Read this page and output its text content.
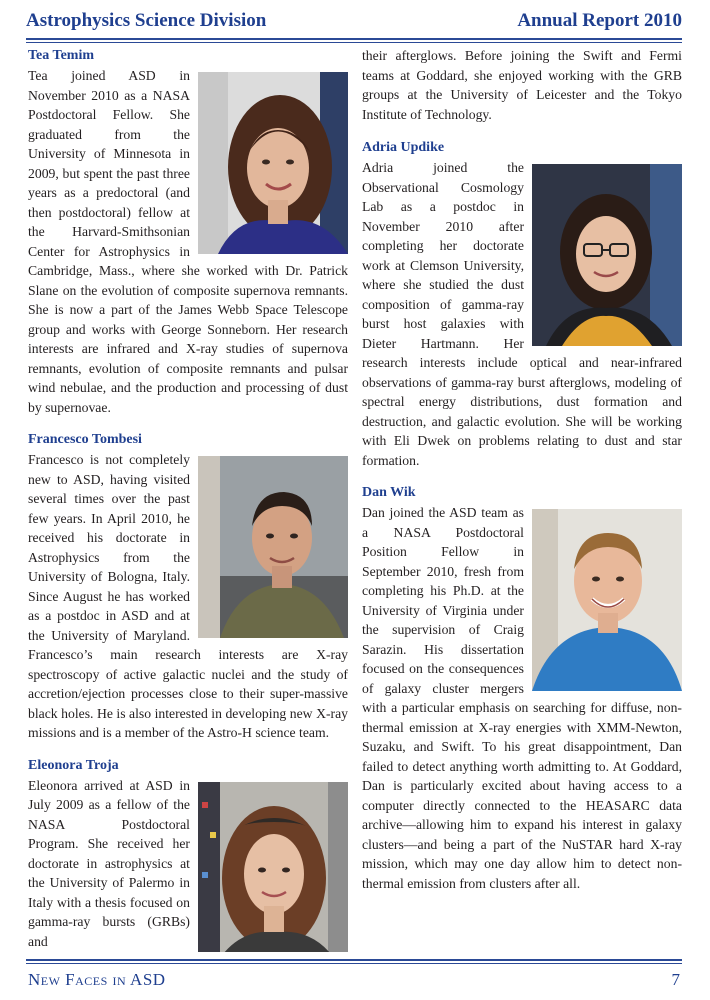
Astrophysics Science Division	Annual Report 2010

Tea Temim

Tea joined ASD in November 2010 as a NASA Postdoctoral Fellow. She graduated from the University of Minnesota in 2009, but spent the past three years as a predoctoral (and then postdoctoral) fellow at the Harvard-Smithsonian Center for Astrophysics in Cambridge, Mass., where she worked with Dr. Patrick Slane on the evolution of composite supernova remnants. She is now a part of the James Webb Space Telescope group and works with George Sonneborn. Her research interests are infrared and X-ray studies of supernova remnants, evolution of composite remnants and pulsar wind nebulae, and the production and processing of dust by supernovae.

Francesco Tombesi

Francesco is not completely new to ASD, having visited several times over the past few years. In April 2010, he received his doctorate in Astrophysics from the University of Bologna, Italy. Since August he has worked as a postdoc in ASD and at the University of Maryland. Francesco’s main research interests are X-ray spectroscopy of active galactic nuclei and the study of accretion/ejection processes close to their super-massive black holes. He is also interested in developing new X-ray missions and is a member of the Astro-H science team.

Eleonora Troja

Eleonora arrived at ASD in July 2009 as a fellow of the NASA Postdoctoral Program. She received her doctorate in astrophysics at the University of Palermo in Italy with a thesis focused on gamma-ray bursts (GRBs) and

their afterglows. Before joining the Swift and Fermi teams at Goddard, she enjoyed working with the GRB groups at the University of Leicester and the Tokyo Institute of Technology.

Adria Updike

Adria joined the Observational Cosmology Lab as a postdoc in November 2010 after completing her doctorate work at Clemson University, where she studied the dust composition of gamma-ray burst host galaxies with Dieter Hartmann. Her research interests include optical and near-infrared observations of gamma-ray burst afterglows, modeling of spectral energy distributions, dust formation and destruction, and galactic evolution. She will be working with Eli Dwek on problems relating to dust and star formation.

Dan Wik

Dan joined the ASD team as a NASA Postdoctoral Position Fellow in September 2010, fresh from completing his Ph.D. at the University of Virginia under the supervision of Craig Sarazin. His dissertation focused on the consequences of galaxy cluster mergers with a particular emphasis on searching for diffuse, non-thermal emission at X-ray energies with XMM-Newton, Suzaku, and Swift. To his great disappointment, Dan failed to detect anything worth admitting to. At Goddard, Dan is particularly excited about having access to a computer directly connected to the HEASARC data archive—allowing him to expand his interest in galaxy clusters—and being a part of the NuSTAR hard X-ray mission, which may one day allow him to detect non-thermal emission from clusters after all.

New Faces in ASD	7
